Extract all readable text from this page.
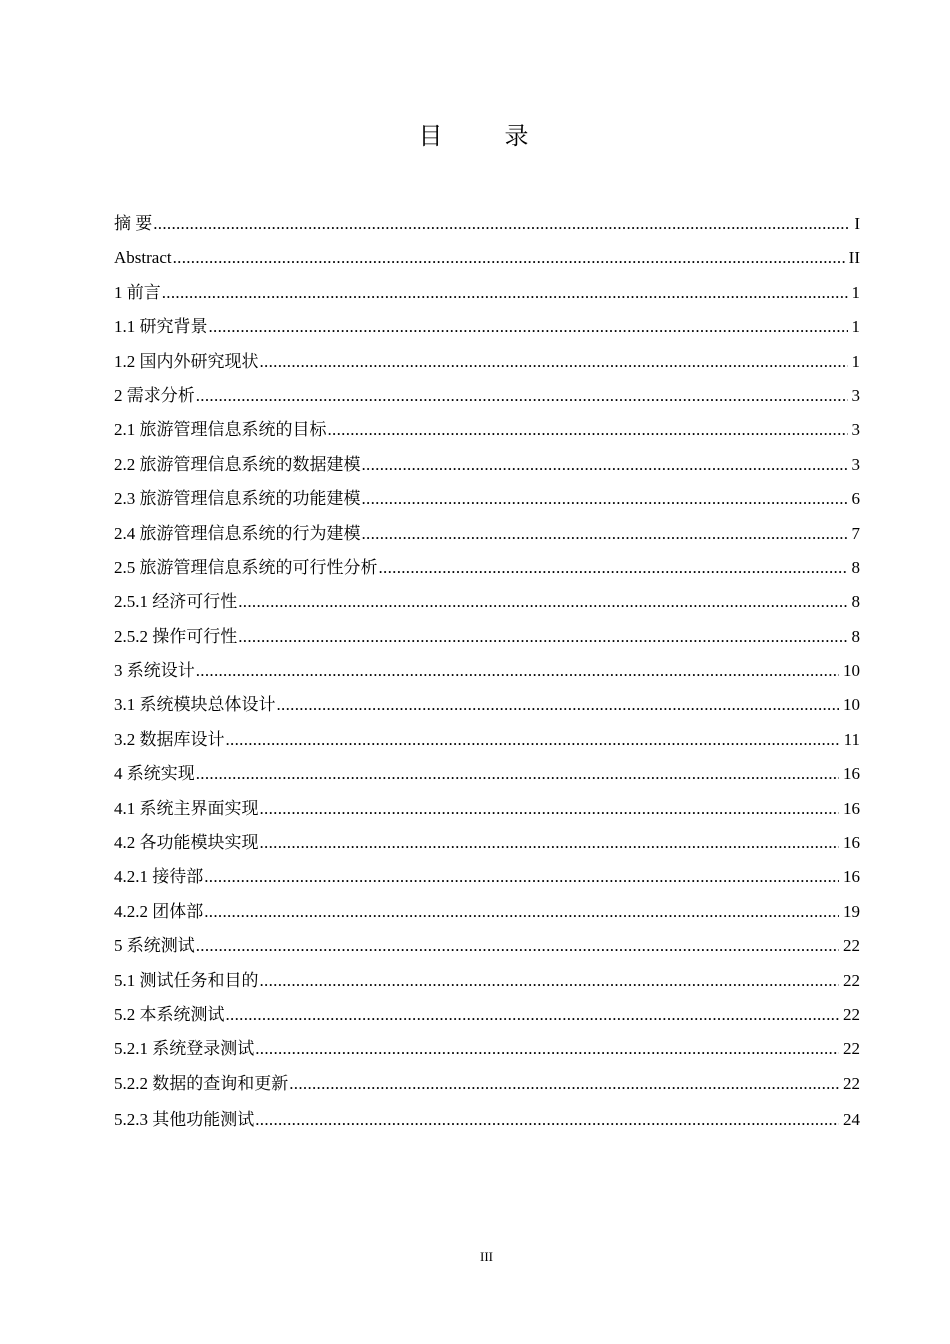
目 录
摘 要 .....	I
Abstract .....	II
1 前言 .....	1
1.1 研究背景 .....	1
1.2 国内外研究现状 .....	1
2 需求分析 .....	3
2.1 旅游管理信息系统的目标 .....	3
2.2 旅游管理信息系统的数据建模 .....	3
2.3 旅游管理信息系统的功能建模 .....	6
2.4 旅游管理信息系统的行为建模 .....	7
2.5 旅游管理信息系统的可行性分析 .....	8
2.5.1 经济可行性 .....	8
2.5.2 操作可行性 .....	8
3 系统设计 .....	10
3.1 系统模块总体设计 .....	10
3.2 数据库设计 .....	11
4 系统实现 .....	16
4.1 系统主界面实现 .....	16
4.2 各功能模块实现 .....	16
4.2.1 接待部 .....	16
4.2.2 团体部 .....	19
5 系统测试 .....	22
5.1 测试任务和目的 .....	22
5.2 本系统测试 .....	22
5.2.1 系统登录测试 .....	22
5.2.2 数据的查询和更新 .....	22
5.2.3 其他功能测试 .....	24
III
